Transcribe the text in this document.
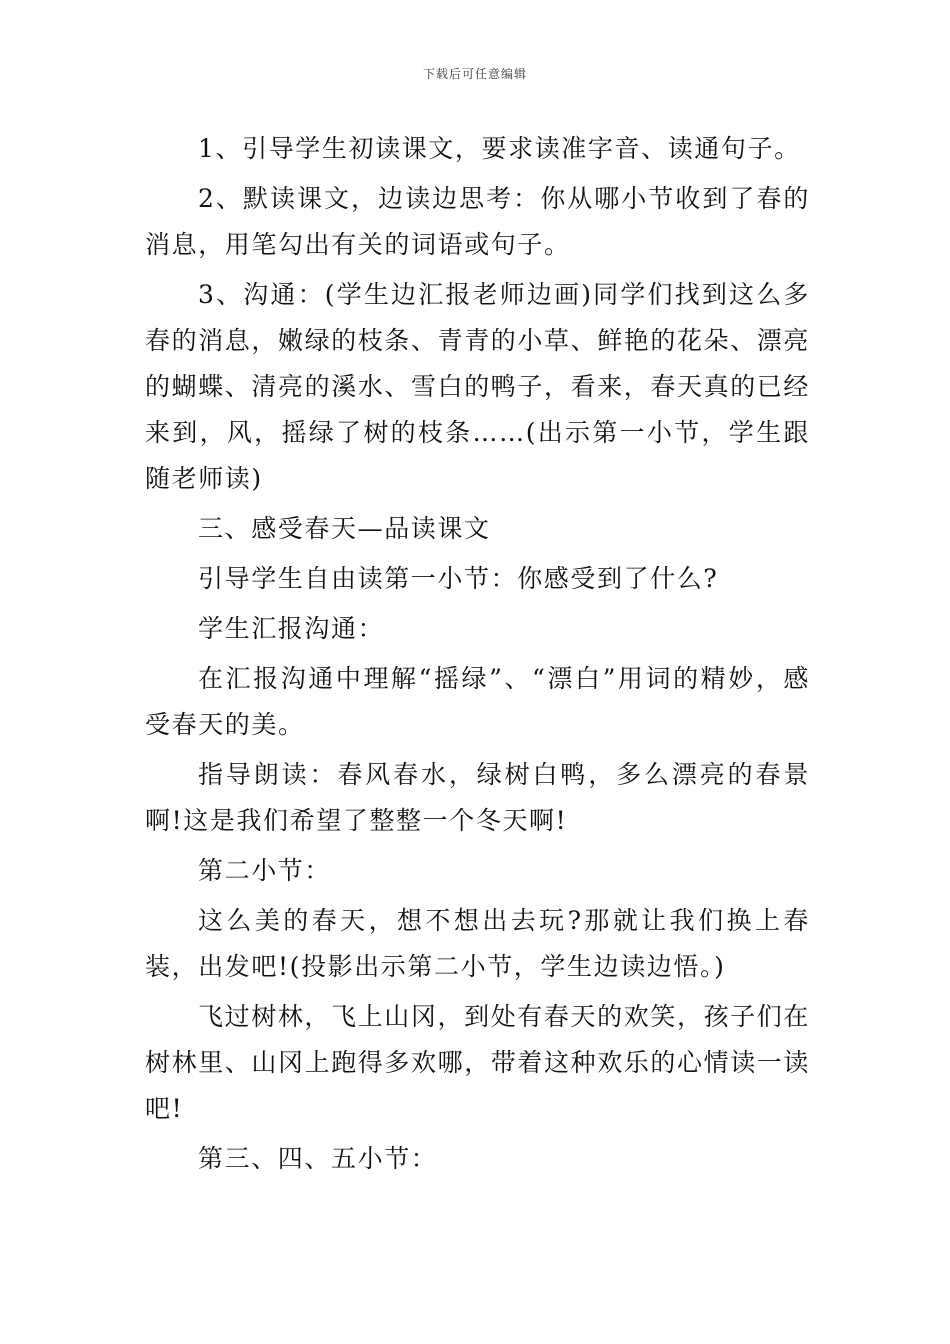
下载后可任意编辑

1、引导学生初读课文，要求读准字音、读通句子。

2、默读课文，边读边思考：你从哪小节收到了春的消息，用笔勾出有关的词语或句子。

3、沟通：(学生边汇报老师边画)同学们找到这么多春的消息，嫩绿的枝条、青青的小草、鲜艳的花朵、漂亮的蝴蝶、清亮的溪水、雪白的鸭子，看来，春天真的已经来到，风，摇绿了树的枝条……(出示第一小节，学生跟随老师读)

三、感受春天—品读课文

引导学生自由读第一小节：你感受到了什么?

学生汇报沟通：

在汇报沟通中理解“摇绿”、“漂白”用词的精妙，感受春天的美。

指导朗读：春风春水，绿树白鸭，多么漂亮的春景啊!这是我们希望了整整一个冬天啊!

第二小节：

这么美的春天，想不想出去玩?那就让我们换上春装，出发吧!(投影出示第二小节，学生边读边悟。)

飞过树林，飞上山冈，到处有春天的欢笑，孩子们在树林里、山冈上跑得多欢哪，带着这种欢乐的心情读一读吧!

第三、四、五小节：
